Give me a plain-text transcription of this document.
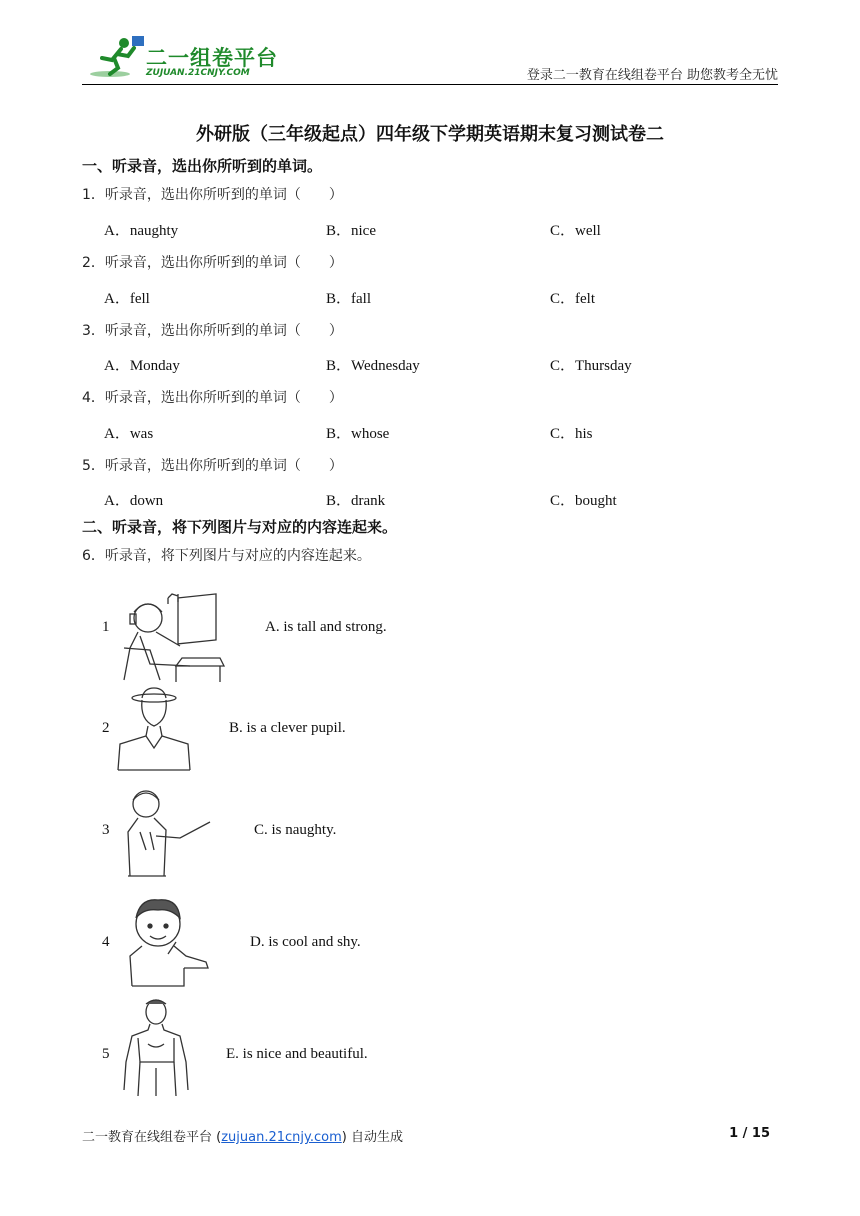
二一组卷平台
ZUJUAN.21CNJY.COM	登录二一教育在线组卷平台 助您教考全无忧
外研版（三年级起点）四年级下学期英语期末复习测试卷二
一、听录音，选出你所听到的单词。
1．听录音，选出你所听到的单词（　　）
A．naughty	B．nice	C．well
2．听录音，选出你所听到的单词（　　）
A．fell	B．fall	C．felt
3．听录音，选出你所听到的单词（　　）
A．Monday	B．Wednesday	C．Thursday
4．听录音，选出你所听到的单词（　　）
A．was	B．whose	C．his
5．听录音，选出你所听到的单词（　　）
A．down	B．drank	C．bought
二、听录音，将下列图片与对应的内容连起来。
6．听录音，将下列图片与对应的内容连起来。
1	A. is tall and strong.
2	B. is a clever pupil.
3	C. is naughty.
4	D. is cool and shy.
5	E. is nice and beautiful.
二一教育在线组卷平台 (zujuan.21cnjy.com) 自动生成	1 / 15
